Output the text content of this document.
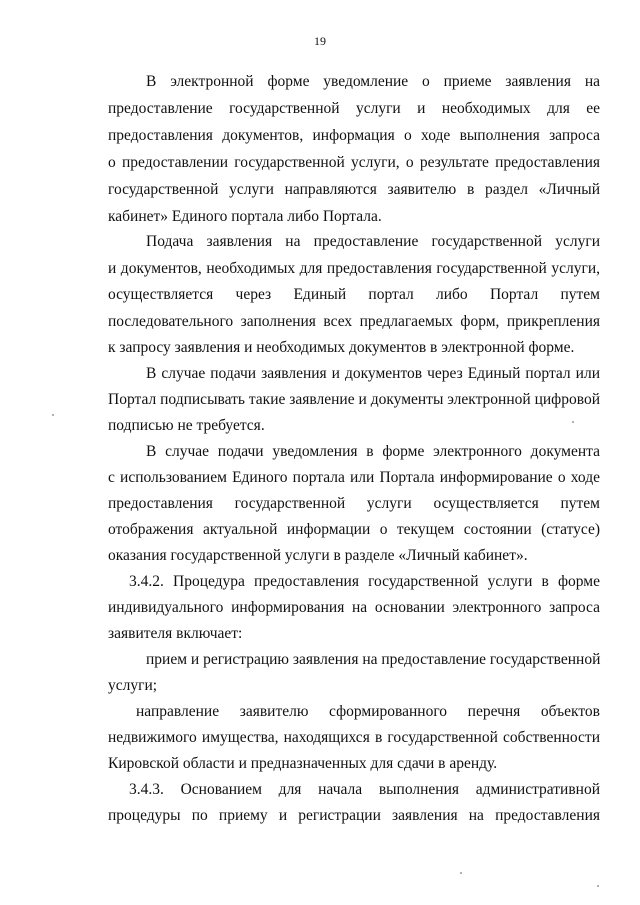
19
В электронной форме уведомление о приеме заявления на
предоставление государственной услуги и необходимых для ее
предоставления документов, информация о ходе выполнения запроса
о предоставлении государственной услуги, о результате предоставления
государственной услуги направляются заявителю в раздел «Личный
кабинет» Единого портала либо Портала.
Подача заявления на предоставление государственной услуги
и документов, необходимых для предоставления государственной услуги,
осуществляется через Единый портал либо Портал путем
последовательного заполнения всех предлагаемых форм, прикрепления
к запросу заявления и необходимых документов в электронной форме.
В случае подачи заявления и документов через Единый портал или
Портал подписывать такие заявление и документы электронной цифровой
подписью не требуется.
В случае подачи уведомления в форме электронного документа
с использованием Единого портала или Портала информирование о ходе
предоставления государственной услуги осуществляется путем
отображения актуальной информации о текущем состоянии (статусе)
оказания государственной услуги в разделе «Личный кабинет».
3.4.2. Процедура предоставления государственной услуги в форме
индивидуального информирования на основании электронного запроса
заявителя включает:
прием и регистрацию заявления на предоставление государственной
услуги;
направление заявителю сформированного перечня объектов
недвижимого имущества, находящихся в государственной собственности
Кировской области и предназначенных для сдачи в аренду.
3.4.3. Основанием для начала выполнения административной
процедуры по приему и регистрации заявления на предоставления
